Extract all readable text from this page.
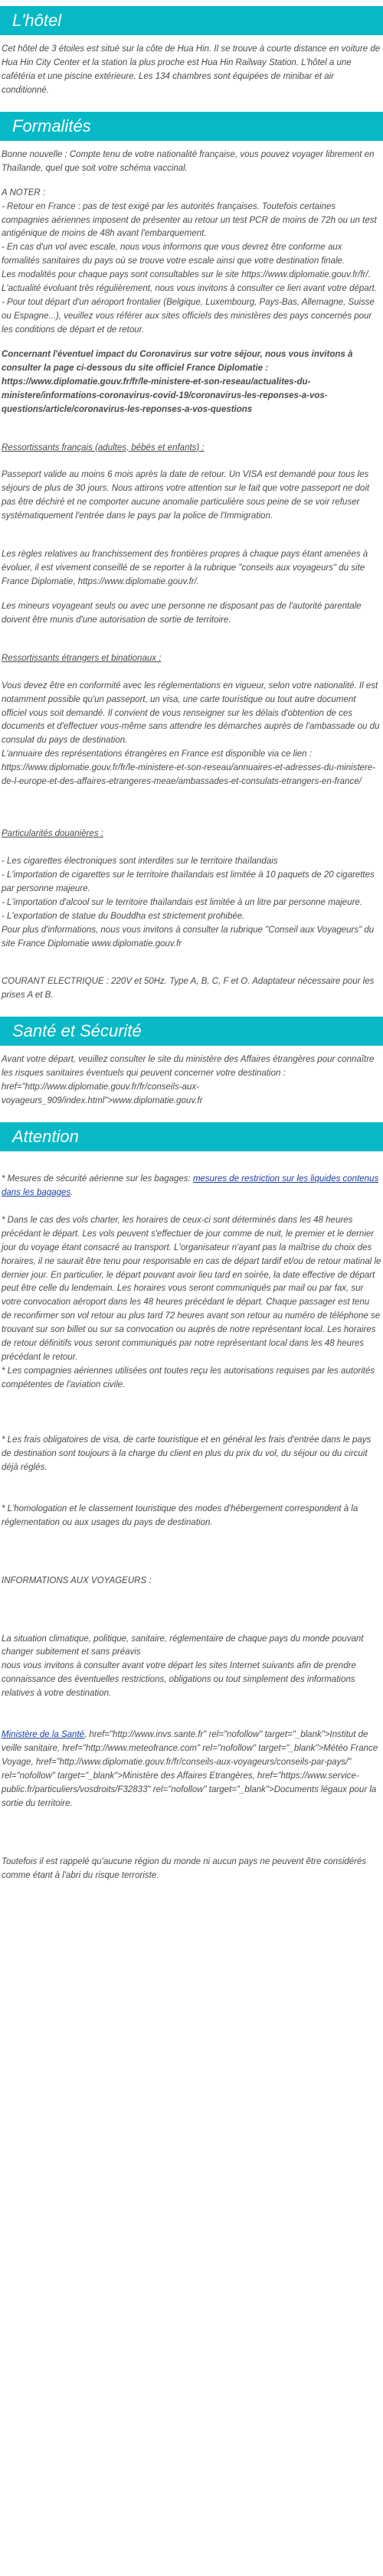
L'hôtel
Cet hôtel de 3 étoiles est situé sur la côte de Hua Hin. Il se trouve à courte distance en voiture de Hua Hin City Center et la station la plus proche est Hua Hin Railway Station. L'hôtel a une cafétéria et une piscine extérieure. Les 134 chambres sont équipées de minibar et air conditionné.
Formalités
Bonne nouvelle : Compte tenu de votre nationalité française, vous pouvez voyager librement en Thaïlande, quel que soit votre schéma vaccinal.
A NOTER :
- Retour en France : pas de test exigé par les autorités françaises. Toutefois certaines compagnies aériennes imposent de présenter au retour un test PCR de moins de 72h ou un test antigénique de moins de 48h avant l'embarquement.
- En cas d'un vol avec escale, nous vous informons que vous devrez être conforme aux formalités sanitaires du pays où se trouve votre escale ainsi que votre destination finale.
Les modalités pour chaque pays sont consultables sur le site https://www.diplomatie.gouv.fr/fr/. L'actualité évoluant très régulièrement, nous vous invitons à consulter ce lien avant votre départ.
- Pour tout départ d'un aéroport frontalier (Belgique, Luxembourg, Pays-Bas, Allemagne, Suisse ou Espagne...), veuillez vous référer aux sites officiels des ministères des pays concernés pour les conditions de départ et de retour.
Concernant l'éventuel impact du Coronavirus sur votre séjour, nous vous invitons à consulter la page ci-dessous du site officiel France Diplomatie : https://www.diplomatie.gouv.fr/fr/le-ministere-et-son-reseau/actualites-du-ministere/informations-coronavirus-covid-19/coronavirus-les-reponses-a-vos-questions/article/coronavirus-les-reponses-a-vos-questions

Ressortissants français (adultes, bébés et enfants) :

Passeport valide au moins 6 mois après la date de retour. Un VISA est demandé pour tous les séjours de plus de 30 jours. Nous attirons votre attention sur le fait que votre passeport ne doit pas être déchiré et ne comporter aucune anomalie particulière sous peine de se voir refuser systématiquement l'entrée dans le pays par la police de l'Immigration.

Les règles relatives au franchissement des frontières propres à chaque pays étant amenées à évoluer, il est vivement conseillé de se reporter à la rubrique "conseils aux voyageurs" du site France Diplomatie, https://www.diplomatie.gouv.fr/.
Les mineurs voyageant seuls ou avec une personne ne disposant pas de l'autorité parentale doivent être munis d'une autorisation de sortie de territoire.

Ressortissants étrangers et binationaux :

Vous devez être en conformité avec les réglementations en vigueur, selon votre nationalité. Il est notamment possible qu'un passeport, un visa, une carte touristique ou tout autre document officiel vous soit demandé. Il convient de vous renseigner sur les délais d'obtention de ces documents et d'effectuer vous-même sans attendre les démarches auprès de l'ambassade ou du consulat du pays de destination.
L'annuaire des représentations étrangères en France est disponible via ce lien : https://www.diplomatie.gouv.fr/fr/le-ministere-et-son-reseau/annuaires-et-adresses-du-ministere-de-l-europe-et-des-affaires-etrangeres-meae/ambassades-et-consulats-etrangers-en-france/

Particularités douanières :

- Les cigarettes électroniques sont interdites sur le territoire thaïlandais
- L'importation de cigarettes sur le territoire thaïlandais est limitée à 10 paquets de 20 cigarettes par personne majeure.
- L'importation d'alcool sur le territoire thaïlandais est limitée à un litre par personne majeure.
- L'exportation de statue du Bouddha est strictement prohibée.
Pour plus d'informations, nous vous invitons à consulter la rubrique "Conseil aux Voyageurs" du site France Diplomatie www.diplomatie.gouv.fr

COURANT ELECTRIQUE : 220V et 50Hz. Type A, B, C, F et O. Adaptateur nécessaire pour les prises A et B.
Santé et Sécurité
Avant votre départ, veuillez consulter le site du ministère des Affaires étrangères pour connaître les risques sanitaires éventuels qui peuvent concerner votre destination : href="http://www.diplomatie.gouv.fr/fr/conseils-aux-voyageurs_909/index.html">www.diplomatie.gouv.fr
Attention

* Mesures de sécurité aérienne sur les bagages: mesures de restriction sur les liquides contenus dans les bagages.

* Dans le cas des vols charter, les horaires de ceux-ci sont déterminés dans les 48 heures précédant le départ. Les vols peuvent s'effectuer de jour comme de nuit, le premier et le dernier jour du voyage étant consacré au transport. L'organisateur n'ayant pas la maîtrise du choix des horaires, il ne saurait être tenu pour responsable en cas de départ tardif et/ou de retour matinal le dernier jour. En particulier, le départ pouvant avoir lieu tard en soirée, la date effective de départ peut être celle du lendemain. Les horaires vous seront communiqués par mail ou par fax, sur votre convocation aéroport dans les 48 heures précédant le départ. Chaque passager est tenu de reconfirmer son vol retour au plus tard 72 heures avant son retour au numéro de téléphone se trouvant sur son billet ou sur sa convocation ou auprès de notre représentant local. Les horaires de retour définitifs vous seront communiqués par notre représentant local dans les 48 heures précédant le retour.
* Les compagnies aériennes utilisées ont toutes reçu les autorisations requises par les autorités compétentes de l'aviation civile.

* Les frais obligatoires de visa, de carte touristique et en général les frais d'entrée dans le pays de destination sont toujours à la charge du client en plus du prix du vol, du séjour ou du circuit déjà réglés.
* L'homologation et le classement touristique des modes d'hébergement correspondent à la réglementation ou aux usages du pays de destination.
INFORMATIONS AUX VOYAGEURS :
La situation climatique, politique, sanitaire, réglementaire de chaque pays du monde pouvant changer subitement et sans préavis
nous vous invitons à consulter avant votre départ les sites Internet suivants afin de prendre connaissance des éventuelles restrictions, obligations ou tout simplement des informations relatives à votre destination.
Ministère de la Santé, href="http://www.invs.sante.fr" rel="nofollow" target="_blank">Institut de veille sanitaire, href="http://www.meteofrance.com" rel="nofollow" target="_blank">Météo France Voyage, href="http://www.diplomatie.gouv.fr/fr/conseils-aux-voyageurs/conseils-par-pays/" rel="nofollow" target="_blank">Ministère des Affaires Etrangères, href="https://www.service-public.fr/particuliers/vosdroits/F32833" rel="nofollow" target="_blank">Documents légaux pour la sortie du territoire.
Toutefois il est rappelé qu'aucune région du monde ni aucun pays ne peuvent être considérés comme étant à l'abri du risque terroriste.
